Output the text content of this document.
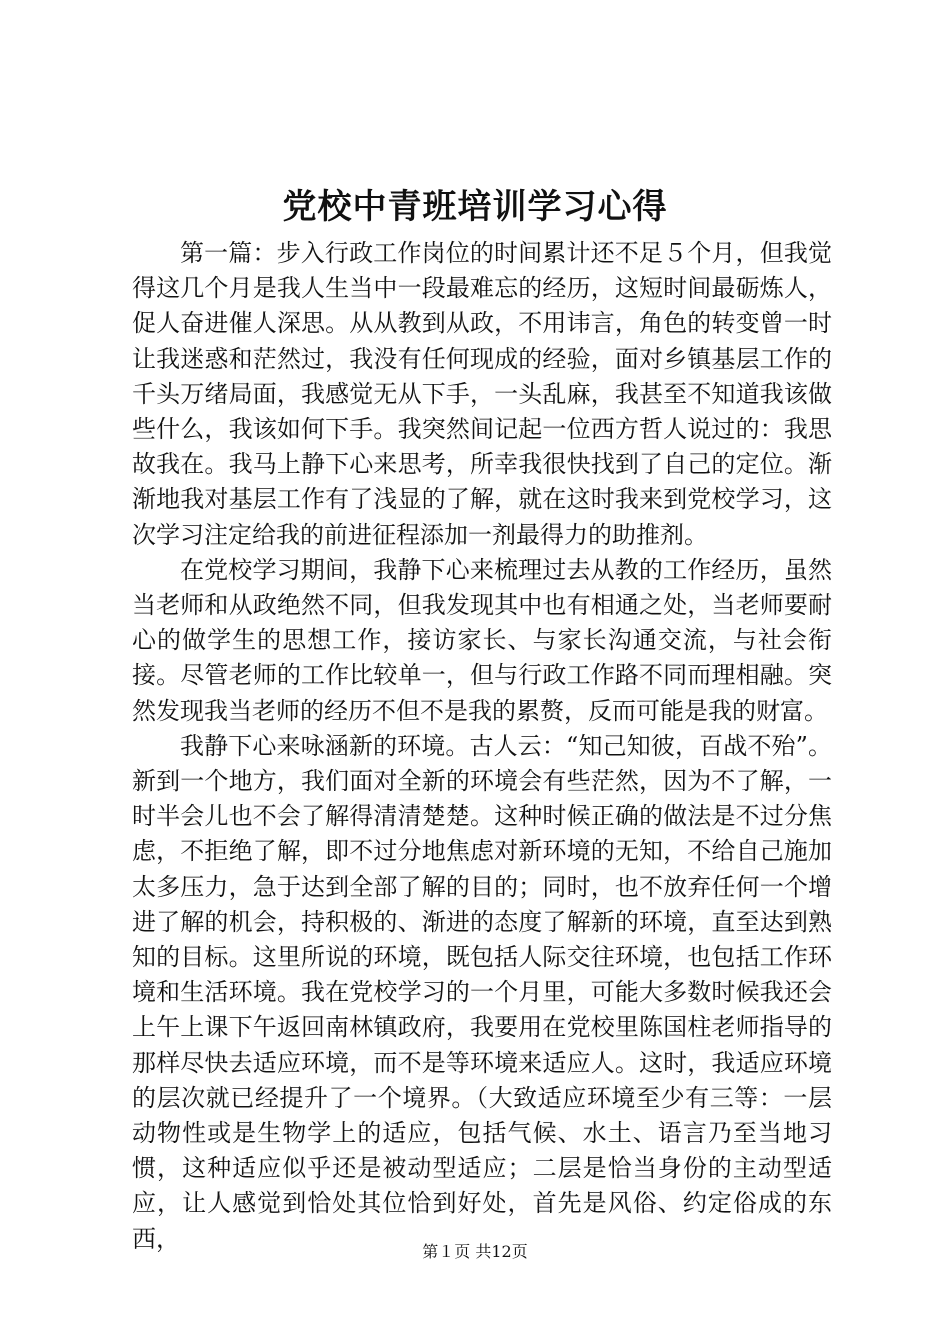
党校中青班培训学习心得

第一篇：步入行政工作岗位的时间累计还不足５个月，但我觉得这几个月是我人生当中一段最难忘的经历，这短时间最砺炼人，促人奋进催人深思。从从教到从政，不用讳言，角色的转变曾一时让我迷惑和茫然过，我没有任何现成的经验，面对乡镇基层工作的千头万绪局面，我感觉无从下手，一头乱麻，我甚至不知道我该做些什么，我该如何下手。我突然间记起一位西方哲人说过的：我思故我在。我马上静下心来思考，所幸我很快找到了自己的定位。渐渐地我对基层工作有了浅显的了解，就在这时我来到党校学习，这次学习注定给我的前进征程添加一剂最得力的助推剂。

在党校学习期间，我静下心来梳理过去从教的工作经历，虽然当老师和从政绝然不同，但我发现其中也有相通之处，当老师要耐心的做学生的思想工作，接访家长、与家长沟通交流，与社会衔接。尽管老师的工作比较单一，但与行政工作路不同而理相融。突然发现我当老师的经历不但不是我的累赘，反而可能是我的财富。

我静下心来咏涵新的环境。古人云：“知己知彼，百战不殆”。新到一个地方，我们面对全新的环境会有些茫然，因为不了解，一时半会儿也不会了解得清清楚楚。这种时候正确的做法是不过分焦虑，不拒绝了解，即不过分地焦虑对新环境的无知，不给自己施加太多压力，急于达到全部了解的目的；同时，也不放弃任何一个增进了解的机会，持积极的、渐进的态度了解新的环境，直至达到熟知的目标。这里所说的环境，既包括人际交往环境，也包括工作环境和生活环境。我在党校学习的一个月里，可能大多数时候我还会上午上课下午返回南林镇政府，我要用在党校里陈国柱老师指导的那样尽快去适应环境，而不是等环境来适应人。这时，我适应环境的层次就已经提升了一个境界。（大致适应环境至少有三等：一层动物性或是生物学上的适应，包括气候、水土、语言乃至当地习惯，这种适应似乎还是被动型适应；二层是恰当身份的主动型适应，让人感觉到恰处其位恰到好处，首先是风俗、约定俗成的东西，	第１页 共12页
